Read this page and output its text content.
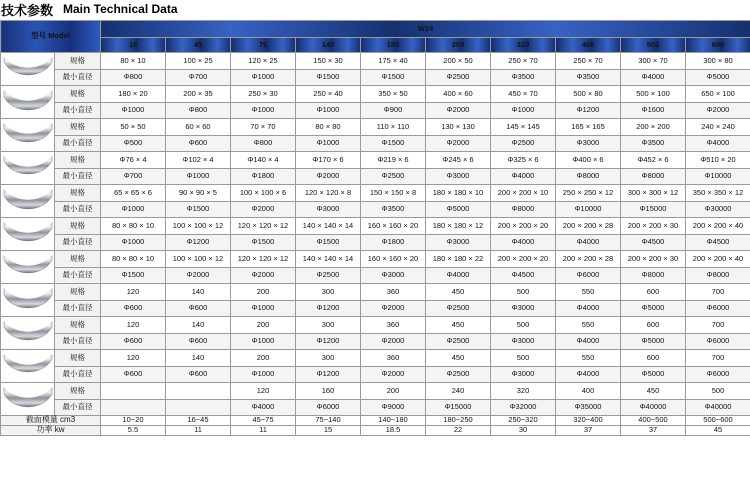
技术参数 Main Technical Data
型号 Model		W24									
		16	45	75	140	180	250	320	400	500	600

	规格	80 × 10	100 × 25	120 × 25	150 × 30	175 × 40	200 × 50	250 × 70	250 × 70	300 × 70	300 × 80
	最小直径	Φ800	Φ700	Φ1000	Φ1500	Φ1500	Φ2500	Φ3500	Φ3500	Φ4000	Φ5000

	规格	180 × 20	200 × 35	250 × 30	250 × 40	350 × 50	400 × 60	450 × 70	500 × 80	500 × 100	650 × 100
	最小直径	Φ1000	Φ800	Φ1000	Φ1000	Φ900	Φ2000	Φ1000	Φ1200	Φ1600	Φ2000

	规格	50 × 50	60 × 60	70 × 70	80 × 80	110 × 110	130 × 130	145 × 145	165 × 165	200 × 200	240 × 240
	最小直径	Φ500	Φ600	Φ800	Φ1000	Φ1500	Φ2000	Φ2500	Φ3000	Φ3500	Φ4000

	规格	Φ76 × 4	Φ102 × 4	Φ140 × 4	Φ170 × 6	Φ219 × 6	Φ245 × 6	Φ325 × 6	Φ400 × 6	Φ452 × 6	Φ510 × 20
	最小直径	Φ700	Φ1000	Φ1800	Φ2000	Φ2500	Φ3000	Φ4000	Φ8000	Φ8000	Φ10000

	规格	65 × 65 × 6	90 × 90 × 5	100 × 100 × 6	120 × 120 × 8	150 × 150 × 8	180 × 180 × 10	200 × 200 × 10	250 × 250 × 12	300 × 300 × 12	350 × 350 × 12
	最小直径	Φ1000	Φ1500	Φ2000	Φ3000	Φ3500	Φ5000	Φ8000	Φ10000	Φ15000	Φ30000

	规格	80 × 80 × 10	100 × 100 × 12	120 × 120 × 12	140 × 140 × 14	160 × 160 × 20	180 × 180 × 12	200 × 200 × 20	200 × 200 × 28	200 × 200 × 30	200 × 200 × 40
	最小直径	Φ1000	Φ1200	Φ1500	Φ1500	Φ1800	Φ3000	Φ4000	Φ4000	Φ4500	Φ4500

	规格	80 × 80 × 10	100 × 100 × 12	120 × 120 × 12	140 × 140 × 14	160 × 160 × 20	180 × 180 × 22	200 × 200 × 20	200 × 200 × 28	200 × 200 × 30	200 × 200 × 40
	最小直径	Φ1500	Φ2000	Φ2000	Φ2500	Φ3000	Φ4000	Φ4500	Φ6000	Φ8000	Φ8000

	规格	120	140	200	300	360	450	500	550	600	700
	最小直径	Φ600	Φ600	Φ1000	Φ1200	Φ2000	Φ2500	Φ3000	Φ4000	Φ5000	Φ6000

	规格	120	140	200	300	360	450	500	550	600	700
	最小直径	Φ600	Φ600	Φ1000	Φ1200	Φ2000	Φ2500	Φ3000	Φ4000	Φ5000	Φ6000

	规格	120	140	200	300	360	450	500	550	600	700
	最小直径	Φ600	Φ600	Φ1000	Φ1200	Φ2000	Φ2500	Φ3000	Φ4000	Φ5000	Φ6000

	规格			120	160	200	240	320	400	450	500
	最小直径			Φ4000	Φ6000	Φ9000	Φ15000	Φ32000	Φ35000	Φ40000	Φ40000
截面模量 cm3		10~20	16~45	45~75	75~140	140~180	180~250	250~320	320~400	400~500	500~600
功率 kw		5.5	11	11	15	18.5	22	30	37	37	45
